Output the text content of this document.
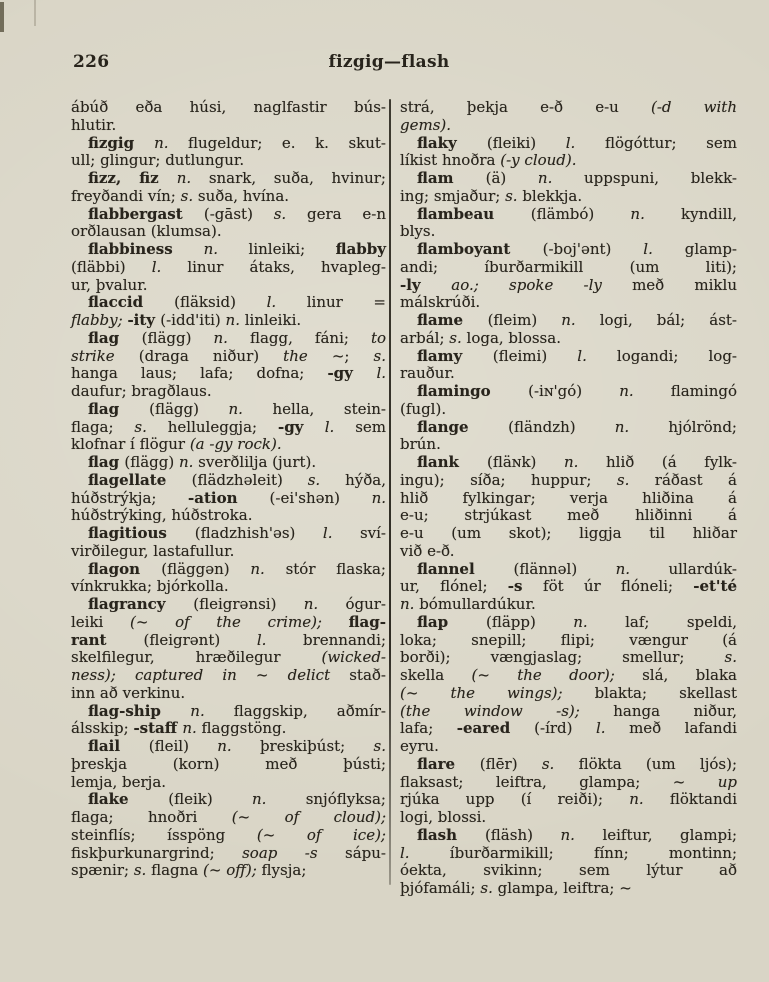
226	fizgig—flash
ábúð eða húsi, naglfastir bús-
hlutir.
fizgig n. flugeldur; e. k. skut-
ull; glingur; dutlungur.
fizz, fiz n. snark, suða, hvinur;
freyðandi vín; s. suða, hvína.
flabbergast (-gāst) s. gera e-n
orðlausan (klumsa).
flabbiness n. linleiki; flabby
(fläbbi) l. linur átaks, hvapleg-
ur, þvalur.
flaccid (fläksid) l. linur =
flabby; -ity (-idd'iti) n. linleiki.
flag (flägg) n. flagg, fáni; to
strike (draga niður) the ~; s.
hanga laus; lafa; dofna; -gy l.
daufur; bragðlaus.
flag (flägg) n. hella, stein-
flaga; s. helluleggja; -gy l. sem
klofnar í flögur (a -gy rock).
flag (flägg) n. sverðlilja (jurt).
flagellate (flädzhəleit) s. hýða,
húðstrýkja; -ation (-ei'shən) n.
húðstrýking, húðstroka.
flagitious (fladzhish'əs) l. sví-
virðilegur, lastafullur.
flagon (fläggən) n. stór flaska;
vínkrukka; bjórkolla.
flagrancy (fleigrənsi) n. ógur-
leiki (~ of the crime); flag-
rant (fleigrənt) l. brennandi;
skelfilegur, hræðilegur (wicked-
ness); captured in ~ delict stað-
inn að verkinu.
flag-ship n. flaggskip, aðmír-
álsskip; -staff n. flaggstöng.
flail (fleil) n. þreskiþúst; s.
þreskja (korn) með þústi;
lemja, berja.
flake (fleik) n. snjóflyksa;
flaga; hnoðri (~ of cloud);
steinflís; ísspöng (~ of ice);
fiskþurkunargrind; soap -s sápu-
spænir; s. flagna (~ off); flysja;
strá, þekja e-ð e-u (-d with
gems).
flaky (fleiki) l. flögóttur; sem
líkist hnoðra (-y cloud).
flam (ä) n. uppspuni, blekk-
ing; smjaður; s. blekkja.
flambeau (flämbó) n. kyndill,
blys.
flamboyant (-boj'ənt) l. glamp-
andi; íburðarmikill (um liti);
-ly ao.; spoke -ly með miklu
málskrúði.
flame (fleim) n. logi, bál; ást-
arbál; s. loga, blossa.
flamy (fleimi) l. logandi; log-
rauður.
flamingo (-iɴ'gó) n. flamingó
(fugl).
flange (fländzh) n. hjólrönd;
brún.
flank (fläɴk) n. hlið (á fylk-
ingu); síða; huppur; s. ráðast á
hlið fylkingar; verja hliðina á
e-u; strjúkast með hliðinni á
e-u (um skot); liggja til hliðar
við e-ð.
flannel (flännəl) n. ullardúk-
ur, flónel; -s föt úr flóneli; -et'té
n. bómullardúkur.
flap (fläpp) n. laf; speldi,
loka; snepill; flipi; vængur (á
borði); vængjaslag; smellur; s.
skella (~ the door); slá, blaka
(~ the wings); blakta; skellast
(the window -s); hanga niður,
lafa; -eared (-írd) l. með lafandi
eyru.
flare (flēr) s. flökta (um ljós);
flaksast; leiftra, glampa; ~ up
rjúka upp (í reiði); n. flöktandi
logi, blossi.
flash (fläsh) n. leiftur, glampi;
l. íburðarmikill; fínn; montinn;
óekta, svikinn; sem lýtur að
þjófamáli; s. glampa, leiftra; ~
